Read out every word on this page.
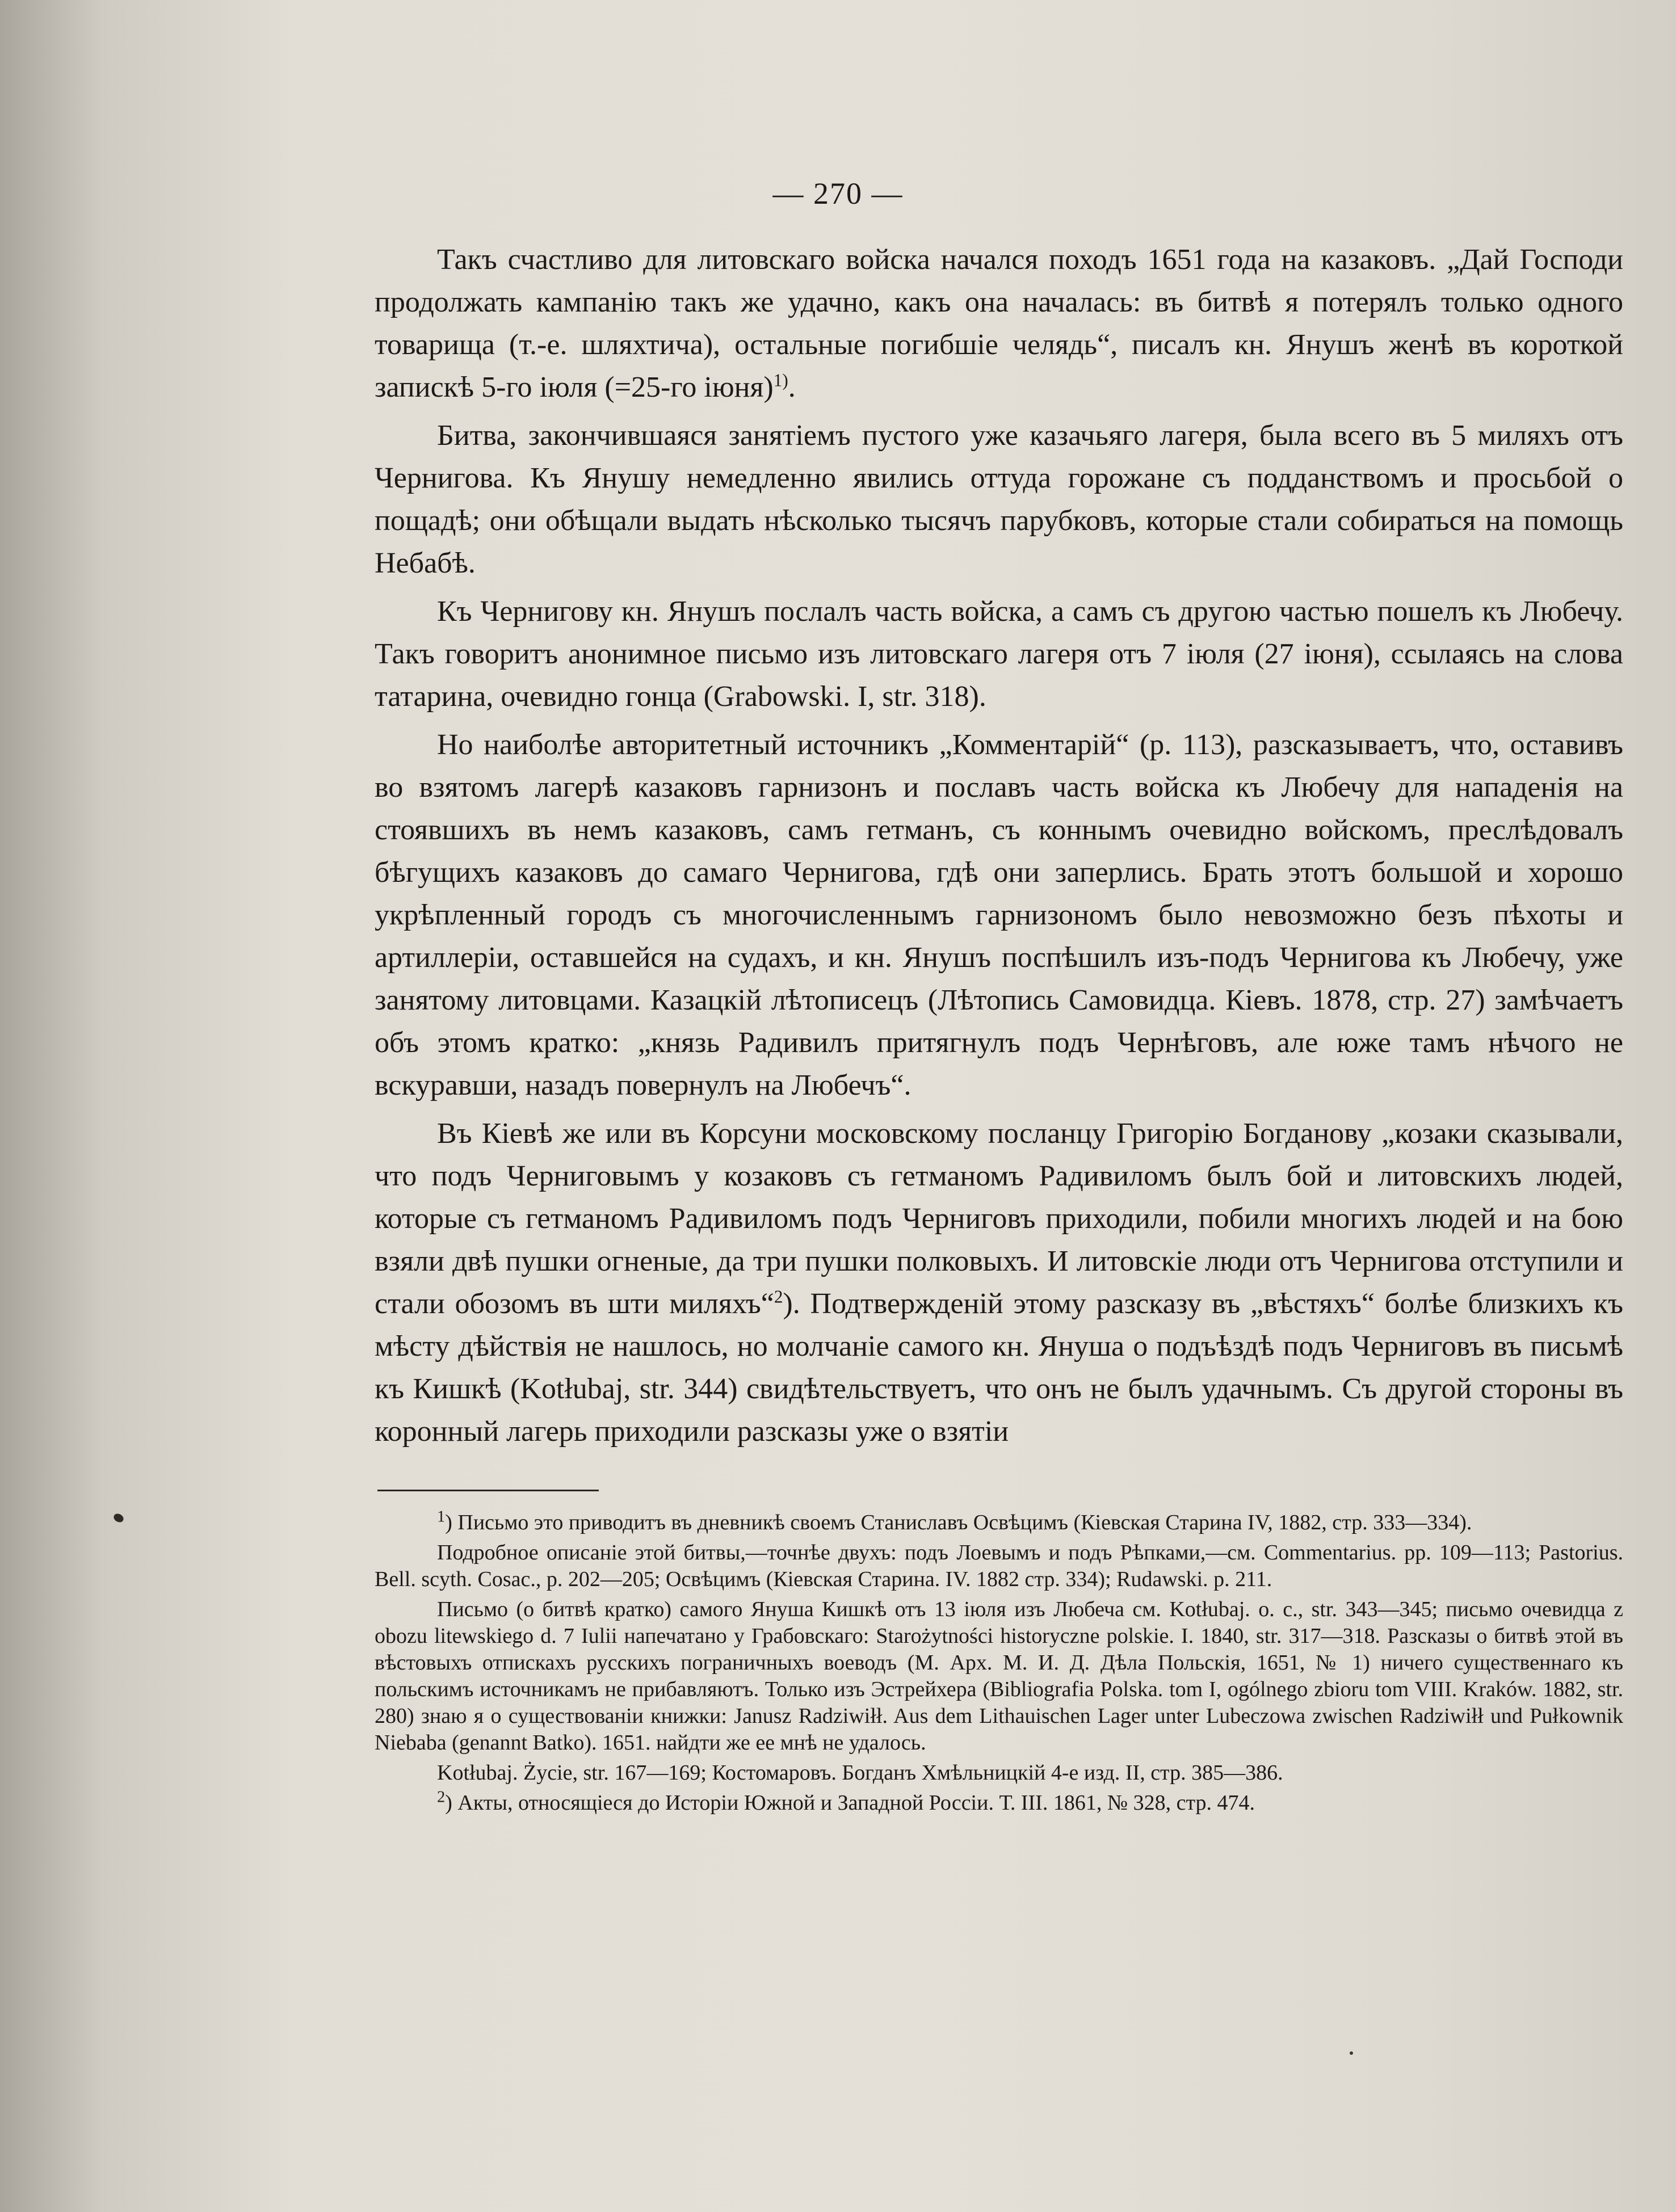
— 270 —

Такъ счастливо для литовскаго войска начался походъ 1651 года на казаковъ. „Дай Господи продолжать кампанію такъ же удачно, какъ она началась: въ битвѣ я потерялъ только одного товарища (т.-е. шляхтича), остальные погибшіе челядь“, писалъ кн. Янушъ женѣ въ короткой запискѣ 5-го іюля (=25-го іюня)$^{1)}$.

Битва, закончившаяся занятіемъ пустого уже казачьяго лагеря, была всего въ 5 миляхъ отъ Чернигова. Къ Янушу немедленно явились оттуда горожане съ подданствомъ и просьбой о пощадѣ; они обѣщали выдать нѣсколько тысячъ парубковъ, которые стали собираться на помощь Небабѣ.

Къ Чернигову кн. Янушъ послалъ часть войска, а самъ съ другою частью пошелъ къ Любечу. Такъ говоритъ анонимное письмо изъ литовскаго лагеря отъ 7 іюля (27 іюня), ссылаясь на слова татарина, очевидно гонца (Grabowski. I, str. 318).

Но наиболѣе авторитетный источникъ „Комментарій“ (p. 113), разсказываетъ, что, оставивъ во взятомъ лагерѣ казаковъ гарнизонъ и пославъ часть войска къ Любечу для нападенія на стоявшихъ въ немъ казаковъ, самъ гетманъ, съ коннымъ очевидно войскомъ, преслѣдовалъ бѣгущихъ казаковъ до самаго Чернигова, гдѣ они заперлись. Брать этотъ большой и хорошо укрѣпленный городъ съ многочисленнымъ гарнизономъ было невозможно безъ пѣхоты и артиллеріи, оставшейся на судахъ, и кн. Янушъ поспѣшилъ изъ-подъ Чернигова къ Любечу, уже занятому литовцами. Казацкій лѣтописецъ (Лѣтопись Самовидца. Кіевъ. 1878, стр. 27) замѣчаетъ объ этомъ кратко: „князь Радивилъ притягнулъ подъ Чернѣговъ, але юже тамъ нѣчого не вскуравши, назадъ повернулъ на Любечъ“.

Въ Кіевѣ же или въ Корсуни московскому посланцу Григорію Богданову „козаки сказывали, что подъ Черниговымъ у козаковъ съ гетманомъ Радивиломъ былъ бой и литовскихъ людей, которые съ гетманомъ Радивиломъ подъ Черниговъ приходили, побили многихъ людей и на бою взяли двѣ пушки огненые, да три пушки полковыхъ. И литовскіе люди отъ Чернигова отступили и стали обозомъ въ шти миляхъ“$^2$). Подтвержденій этому разсказу въ „вѣстяхъ“ болѣе близкихъ къ мѣсту дѣйствія не нашлось, но молчаніе самого кн. Януша о подъѣздѣ подъ Черниговъ въ письмѣ къ Кишкѣ (Kotłubaj, str. 344) свидѣтельствуетъ, что онъ не былъ удачнымъ. Съ другой стороны въ коронный лагерь приходили разсказы уже о взятіи

$^1$) Письмо это приводитъ въ дневникѣ своемъ Станиславъ Освѣцимъ (Кіевская Старина IV, 1882, стр. 333—334).

Подробное описаніе этой битвы,—точнѣе двухъ: подъ Лоевымъ и подъ Рѣпками,—см. Commentarius. pp. 109—113; Pastorius. Bell. scyth. Cosac., p. 202—205; Освѣцимъ (Кіевская Старина. IV. 1882 стр. 334); Rudawski. p. 211.

Письмо (о битвѣ кратко) самого Януша Кишкѣ отъ 13 іюля изъ Любеча см. Kotłubaj. o. c., str. 343—345; письмо очевидца z obozu litewskiego d. 7 Iulii напечатано у Грабовскаго: Starożytności historyczne polskie. I. 1840, str. 317—318. Разсказы о битвѣ этой въ вѣстовыхъ отпискахъ русскихъ пограничныхъ воеводъ (М. Арх. М. И. Д. Дѣла Польскія, 1651, № 1) ничего существеннаго къ польскимъ источникамъ не прибавляютъ. Только изъ Эстрейхера (Bibliografia Polska. tom I, ogólnego zbioru tom VIII. Kraków. 1882, str. 280) знаю я о существованіи книжки: Janusz Radziwiłł. Aus dem Lithauischen Lager unter Lubeczowa zwischen Radziwiłł und Pułkownik Niebaba (genannt Batko). 1651. найдти же ее мнѣ не удалось.

Kotłubaj. Życie, str. 167—169; Костомаровъ. Богданъ Хмѣльницкій 4-е изд. II, стр. 385—386.

$^2$) Акты, относящіеся до Исторіи Южной и Западной Россіи. Т. III. 1861, № 328, стр. 474.
